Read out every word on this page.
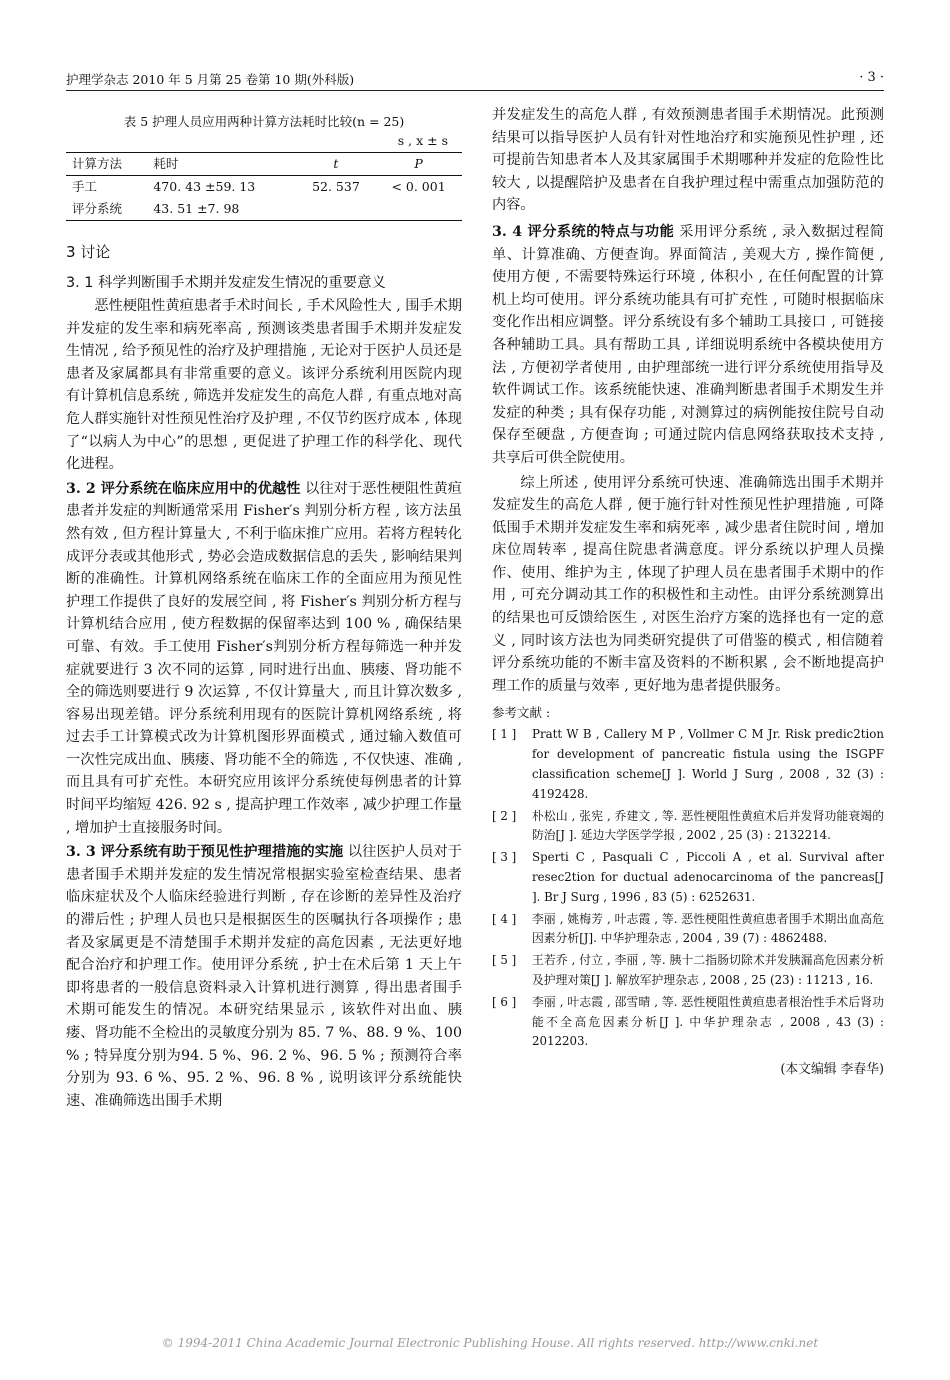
护理学杂志 2010 年 5 月第 25 卷第 10 期(外科版)	· 3 ·
表 5 护理人员应用两种计算方法耗时比较(n = 25)
s , x ± s
计算方法	耗时	t	P
手工	470. 43 ±59. 13	52. 537	< 0. 001
评分系统	43. 51 ±7. 98		
3 讨论
3. 1 科学判断围手术期并发症发生情况的重要意义

恶性梗阻性黄疸患者手术时间长 , 手术风险性大 , 围手术期并发症的发生率和病死率高 , 预测该类患者围手术期并发症发生情况 , 给予预见性的治疗及护理措施 , 无论对于医护人员还是患者及家属都具有非常重要的意义。该评分系统利用医院内现有计算机信息系统 , 筛选并发症发生的高危人群 , 有重点地对高危人群实施针对性预见性治疗及护理 , 不仅节约医疗成本 , 体现了“以病人为中心”的思想 , 更促进了护理工作的科学化、现代化进程。

3. 2 评分系统在临床应用中的优越性 以往对于恶性梗阻性黄疸患者并发症的判断通常采用 Fisher′s 判别分析方程 , 该方法虽然有效 , 但方程计算量大 , 不利于临床推广应用。若将方程转化成评分表或其他形式 , 势必会造成数据信息的丢失 , 影响结果判断的准确性。计算机网络系统在临床工作的全面应用为预见性护理工作提供了良好的发展空间 , 将 Fisher′s 判别分析方程与计算机结合应用 , 使方程数据的保留率达到 100 % , 确保结果可靠、有效。手工使用 Fisher′s判别分析方程每筛选一种并发症就要进行 3 次不同的运算 , 同时进行出血、胰瘘、肾功能不全的筛选则要进行 9 次运算 , 不仅计算量大 , 而且计算次数多 , 容易出现差错。评分系统利用现有的医院计算机网络系统 , 将过去手工计算模式改为计算机图形界面模式 , 通过输入数值可一次性完成出血、胰瘘、肾功能不全的筛选 , 不仅快速、准确 , 而且具有可扩充性。本研究应用该评分系统使每例患者的计算时间平均缩短 426. 92 s , 提高护理工作效率 , 减少护理工作量 , 增加护士直接服务时间。

3. 3 评分系统有助于预见性护理措施的实施 以往医护人员对于患者围手术期并发症的发生情况常根据实验室检查结果、患者临床症状及个人临床经验进行判断 , 存在诊断的差异性及治疗的滞后性 ; 护理人员也只是根据医生的医嘱执行各项操作 ; 患者及家属更是不清楚围手术期并发症的高危因素 , 无法更好地配合治疗和护理工作。使用评分系统 , 护士在术后第 1 天上午即将患者的一般信息资料录入计算机进行测算 , 得出患者围手术期可能发生的情况。本研究结果显示 , 该软件对出血、胰瘘、肾功能不全检出的灵敏度分别为 85. 7 %、88. 9 %、100 % ; 特异度分别为94. 5 %、96. 2 %、96. 5 % ; 预测符合率分别为 93. 6 %、95. 2 %、96. 8 % , 说明该评分系统能快速、准确筛选出围手术期

并发症发生的高危人群 , 有效预测患者围手术期情况。此预测结果可以指导医护人员有针对性地治疗和实施预见性护理 , 还可提前告知患者本人及其家属围手术期哪种并发症的危险性比较大 , 以提醒陪护及患者在自我护理过程中需重点加强防范的内容。

3. 4 评分系统的特点与功能 采用评分系统 , 录入数据过程简单、计算准确、方便查询。界面简洁 , 美观大方 , 操作简便 , 使用方便 , 不需要特殊运行环境 , 体积小 , 在任何配置的计算机上均可使用。评分系统功能具有可扩充性 , 可随时根据临床变化作出相应调整。评分系统设有多个辅助工具接口 , 可链接各种辅助工具。具有帮助工具 , 详细说明系统中各模块使用方法 , 方便初学者使用 , 由护理部统一进行评分系统使用指导及软件调试工作。该系统能快速、准确判断患者围手术期发生并发症的种类 ; 具有保存功能 , 对测算过的病例能按住院号自动保存至硬盘 , 方便查询 ; 可通过院内信息网络获取技术支持 , 共享后可供全院使用。

综上所述 , 使用评分系统可快速、准确筛选出围手术期并发症发生的高危人群 , 便于施行针对性预见性护理措施 , 可降低围手术期并发症发生率和病死率 , 减少患者住院时间 , 增加床位周转率 , 提高住院患者满意度。评分系统以护理人员操作、使用、维护为主 , 体现了护理人员在患者围手术期中的作用 , 可充分调动其工作的积极性和主动性。由评分系统测算出的结果也可反馈给医生 , 对医生治疗方案的选择也有一定的意义 , 同时该方法也为同类研究提供了可借鉴的模式 , 相信随着评分系统功能的不断丰富及资料的不断积累 , 会不断地提高护理工作的质量与效率 , 更好地为患者提供服务。

参考文献 :
[ 1 ]	Pratt W B , Callery M P , Vollmer C M Jr. Risk predic2tion for development of pancreatic fistula using the ISGPF classification scheme[J ]. World J Surg , 2008 , 32 (3) : 4192428.
[ 2 ]	朴松山 , 张宪 , 乔建文 , 等. 恶性梗阻性黄疸术后并发肾功能衰竭的防治[J ]. 延边大学医学学报 , 2002 , 25 (3) : 2132214.
[ 3 ]	Sperti C , Pasquali C , Piccoli A , et al. Survival after resec2tion for ductual adenocarcinoma of the pancreas[J ]. Br J Surg , 1996 , 83 (5) : 6252631.
[ 4 ]	李丽 , 姚梅芳 , 叶志霞 , 等. 恶性梗阻性黄疸患者围手术期出血高危因素分析[J]. 中华护理杂志 , 2004 , 39 (7) : 4862488.
[ 5 ]	王若乔 , 付立 , 李丽 , 等. 胰十二指肠切除术并发胰漏高危因素分析及护理对策[J ]. 解放军护理杂志 , 2008 , 25 (23) : 11213 , 16.
[ 6 ]	李丽 , 叶志霞 , 邵雪晴 , 等. 恶性梗阻性黄疸患者根治性手术后肾功能不全高危因素分析[J ]. 中华护理杂志 , 2008 , 43 (3) : 2012203.
(本文编辑 李春华)
© 1994-2011 China Academic Journal Electronic Publishing House. All rights reserved. http://www.cnki.net
